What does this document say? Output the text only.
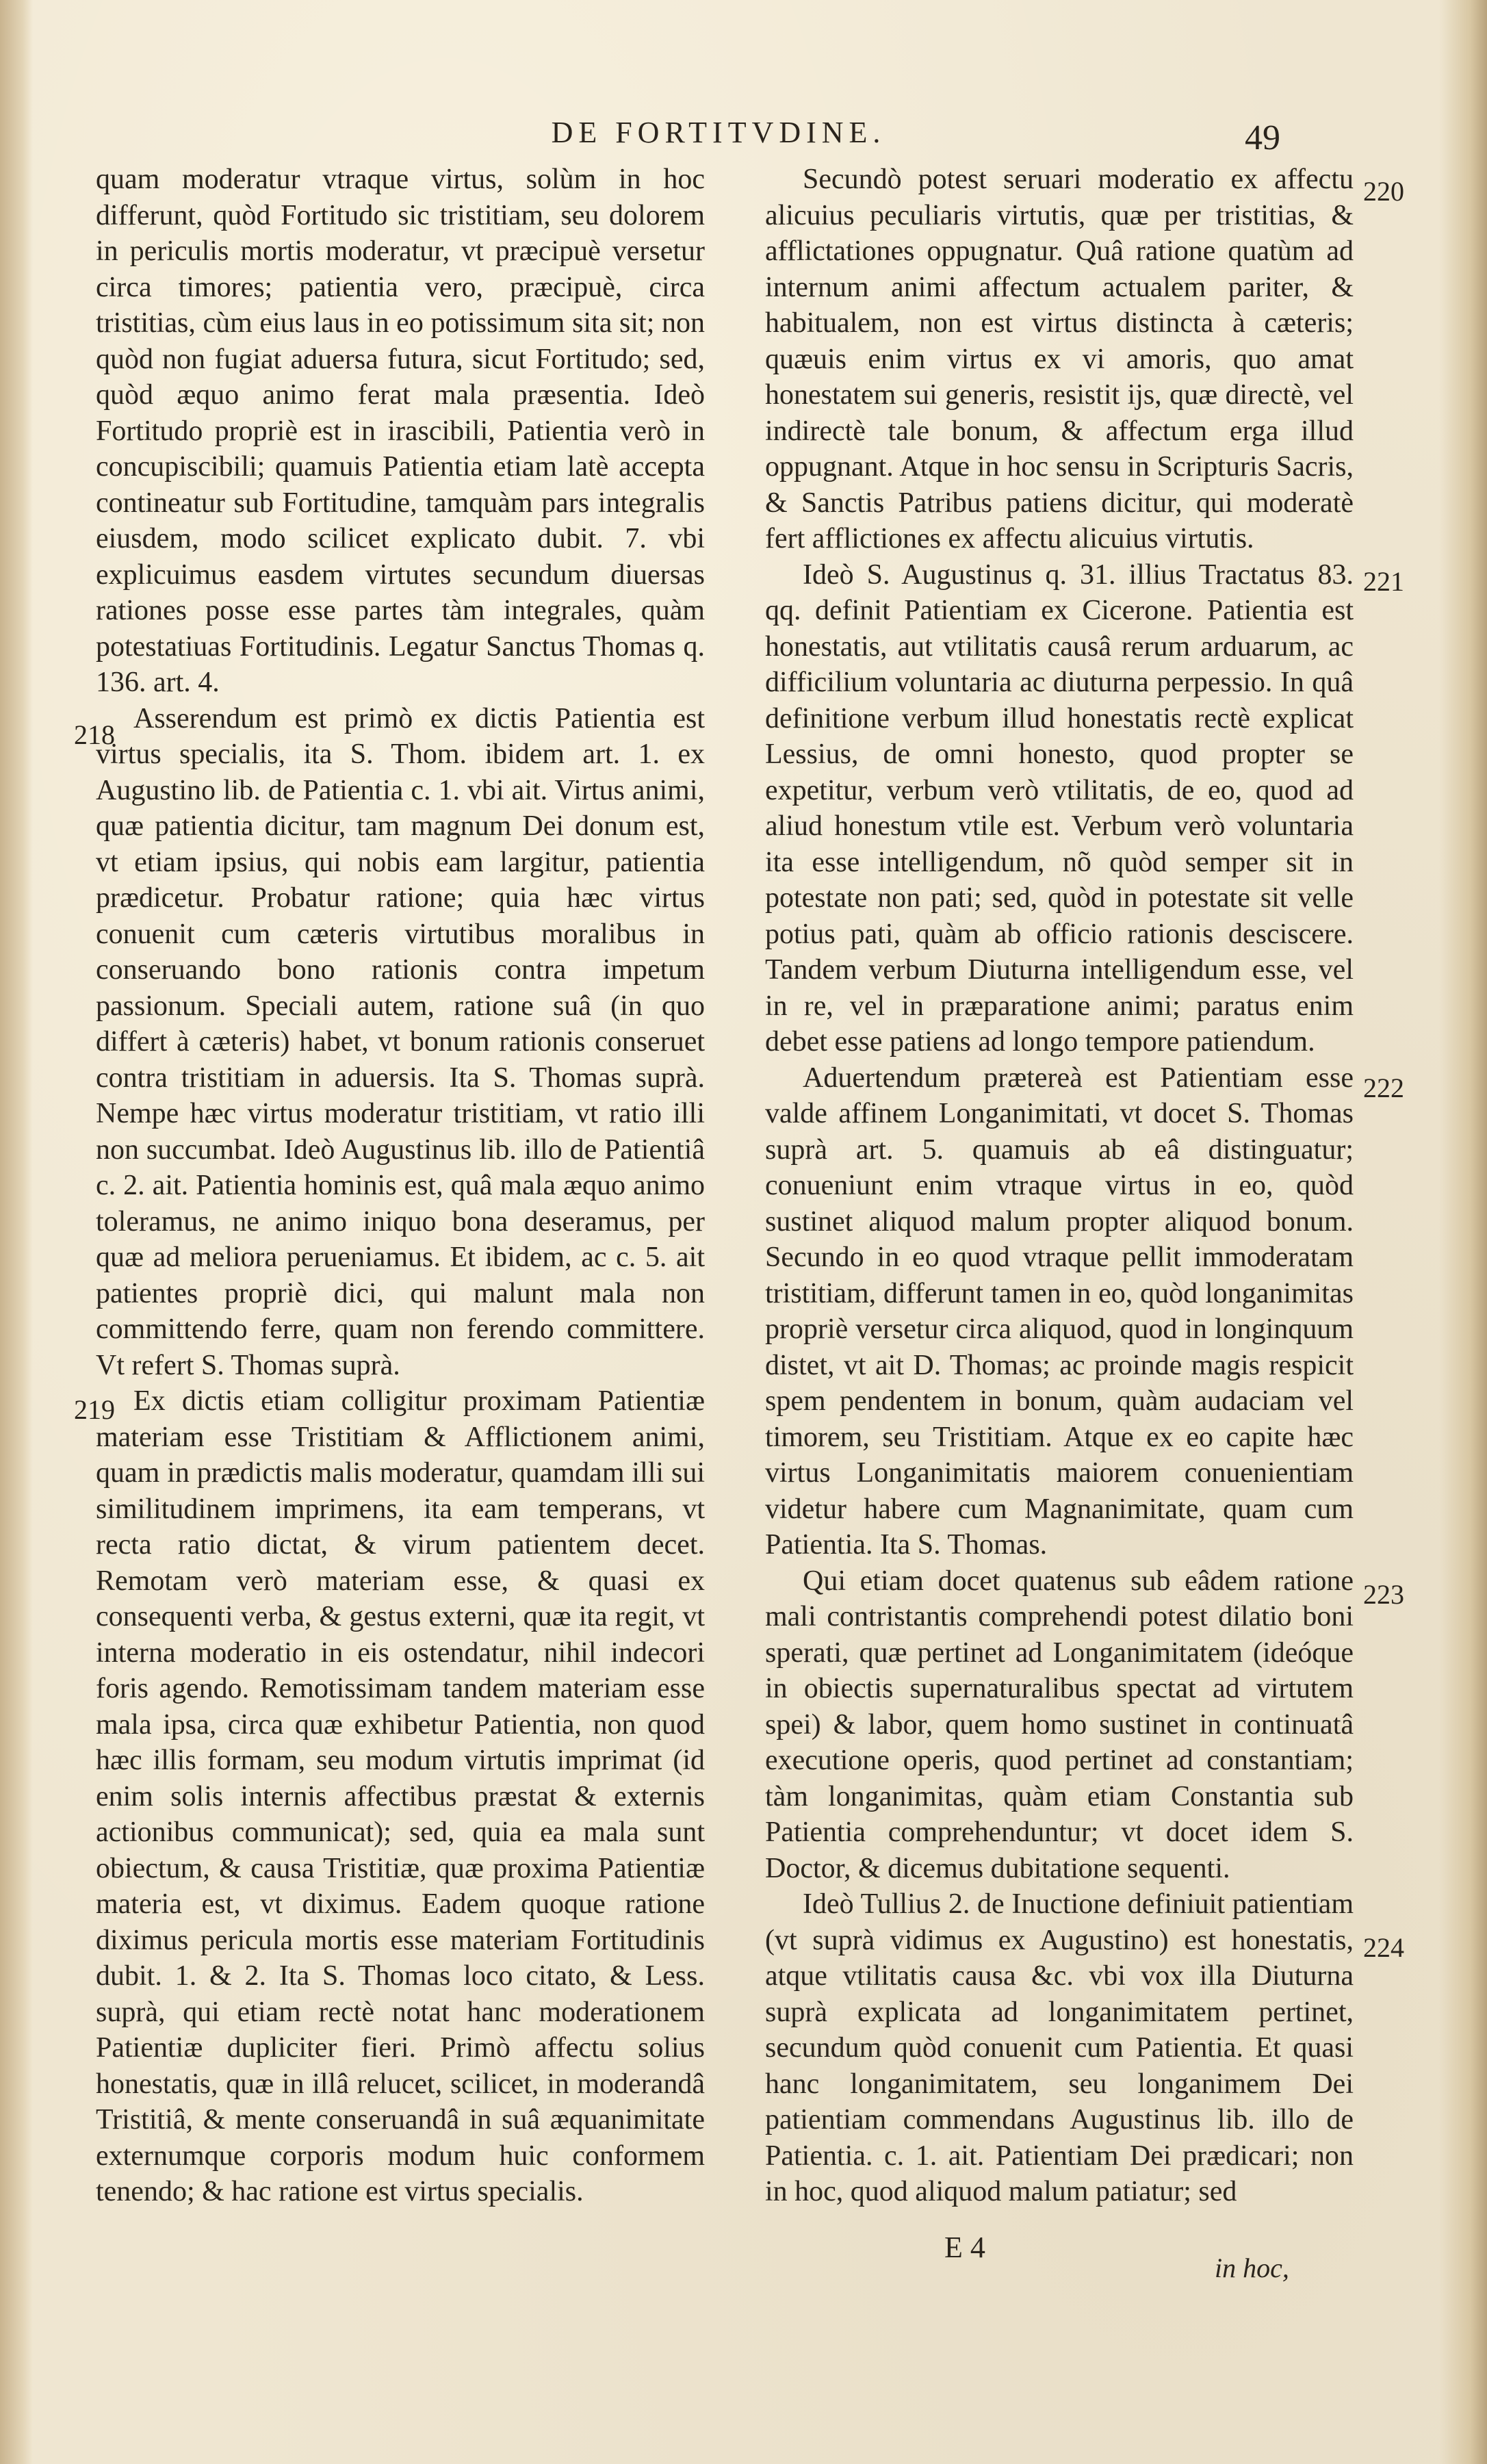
DE FORTITVDINE.	49

quam moderatur vtraque virtus, solùm in hoc differunt, quòd Fortitudo sic tristitiam, seu dolorem in periculis mortis moderatur, vt præcipuè versetur circa timores; patientia vero, præcipuè, circa tristitias, cùm eius laus in eo potissimum sita sit; non quòd non fugiat aduersa futura, sicut Fortitudo; sed, quòd æquo animo ferat mala præsentia. Ideò Fortitudo propriè est in irascibili, Patientia verò in concupiscibili; quamuis Patientia etiam latè accepta contineatur sub Fortitudine, tamquàm pars integralis eiusdem, modo scilicet explicato dubit. 7. vbi explicuimus easdem virtutes secundum diuersas rationes posse esse partes tàm integrales, quàm potestatiuas Fortitudinis. Legatur Sanctus Thomas q. 136. art. 4.

Asserendum est primò ex dictis Patientia est virtus specialis, ita S. Thom. ibidem art. 1. ex Augustino lib. de Patientia c. 1. vbi ait. Virtus animi, quæ patientia dicitur, tam magnum Dei donum est, vt etiam ipsius, qui nobis eam largitur, patientia prædicetur. Probatur ratione; quia hæc virtus conuenit cum cæteris virtutibus moralibus in conseruando bono rationis contra impetum passionum. Speciali autem, ratione suâ (in quo differt à cæteris) habet, vt bonum rationis conseruet contra tristitiam in aduersis. Ita S. Thomas suprà. Nempe hæc virtus moderatur tristitiam, vt ratio illi non succumbat. Ideò Augustinus lib. illo de Patientiâ c. 2. ait. Patientia hominis est, quâ mala æquo animo toleramus, ne animo iniquo bona deseramus, per quæ ad meliora perueniamus. Et ibidem, ac c. 5. ait patientes propriè dici, qui malunt mala non committendo ferre, quam non ferendo committere. Vt refert S. Thomas suprà.

Ex dictis etiam colligitur proximam Patientiæ materiam esse Tristitiam & Afflictionem animi, quam in prædictis malis moderatur, quamdam illi sui similitudinem imprimens, ita eam temperans, vt recta ratio dictat, & virum patientem decet. Remotam verò materiam esse, & quasi ex consequenti verba, & gestus externi, quæ ita regit, vt interna moderatio in eis ostendatur, nihil indecori foris agendo. Remotissimam tandem materiam esse mala ipsa, circa quæ exhibetur Patientia, non quod hæc illis formam, seu modum virtutis imprimat (id enim solis internis affectibus præstat & externis actionibus communicat); sed, quia ea mala sunt obiectum, & causa Tristitiæ, quæ proxima Patientiæ materia est, vt diximus. Eadem quoque ratione diximus pericula mortis esse materiam Fortitudinis dubit. 1. & 2. Ita S. Thomas loco citato, & Less. suprà, qui etiam rectè notat hanc moderationem Patientiæ dupliciter fieri. Primò affectu solius honestatis, quæ in illâ relucet, scilicet, in moderandâ Tristitiâ, & mente conseruandâ in suâ æquanimitate externumque corporis modum huic conformem tenendo; & hac ratione est virtus specialis.

Secundò potest seruari moderatio ex affectu alicuius peculiaris virtutis, quæ per tristitias, & afflictationes oppugnatur. Quâ ratione quatùm ad internum animi affectum actualem pariter, & habitualem, non est virtus distincta à cæteris; quæuis enim virtus ex vi amoris, quo amat honestatem sui generis, resistit ijs, quæ directè, vel indirectè tale bonum, & affectum erga illud oppugnant. Atque in hoc sensu in Scripturis Sacris, & Sanctis Patribus patiens dicitur, qui moderatè fert afflictiones ex affectu alicuius virtutis.

Ideò S. Augustinus q. 31. illius Tractatus 83. qq. definit Patientiam ex Cicerone. Patientia est honestatis, aut vtilitatis causâ rerum arduarum, ac difficilium voluntaria ac diuturna perpessio. In quâ definitione verbum illud honestatis rectè explicat Lessius, de omni honesto, quod propter se expetitur, verbum verò vtilitatis, de eo, quod ad aliud honestum vtile est. Verbum verò voluntaria ita esse intelligendum, nõ quòd semper sit in potestate non pati; sed, quòd in potestate sit velle potius pati, quàm ab officio rationis desciscere. Tandem verbum Diuturna intelligendum esse, vel in re, vel in præparatione animi; paratus enim debet esse patiens ad longo tempore patiendum.

Aduertendum prætereà est Patientiam esse valde affinem Longanimitati, vt docet S. Thomas suprà art. 5. quamuis ab eâ distinguatur; conueniunt enim vtraque virtus in eo, quòd sustinet aliquod malum propter aliquod bonum. Secundo in eo quod vtraque pellit immoderatam tristitiam, differunt tamen in eo, quòd longanimitas propriè versetur circa aliquod, quod in longinquum distet, vt ait D. Thomas; ac proinde magis respicit spem pendentem in bonum, quàm audaciam vel timorem, seu Tristitiam. Atque ex eo capite hæc virtus Longanimitatis maiorem conuenientiam videtur habere cum Magnanimitate, quam cum Patientia. Ita S. Thomas.

Qui etiam docet quatenus sub eâdem ratione mali contristantis comprehendi potest dilatio boni sperati, quæ pertinet ad Longanimitatem (ideóque in obiectis supernaturalibus spectat ad virtutem spei) & labor, quem homo sustinet in continuatâ executione operis, quod pertinet ad constantiam; tàm longanimitas, quàm etiam Constantia sub Patientia comprehenduntur; vt docet idem S. Doctor, & dicemus dubitatione sequenti.

Ideò Tullius 2. de Inuctione definiuit patientiam (vt suprà vidimus ex Augustino) est honestatis, atque vtilitatis causa &c. vbi vox illa Diuturna suprà explicata ad longanimitatem pertinet, secundum quòd conuenit cum Patientia. Et quasi hanc longanimitatem, seu longanimem Dei patientiam commendans Augustinus lib. illo de Patientia. c. 1. ait. Patientiam Dei prædicari; non in hoc, quod aliquod malum patiatur; sed

218
219
220
221
222
223
224
E 4
in hoc,
